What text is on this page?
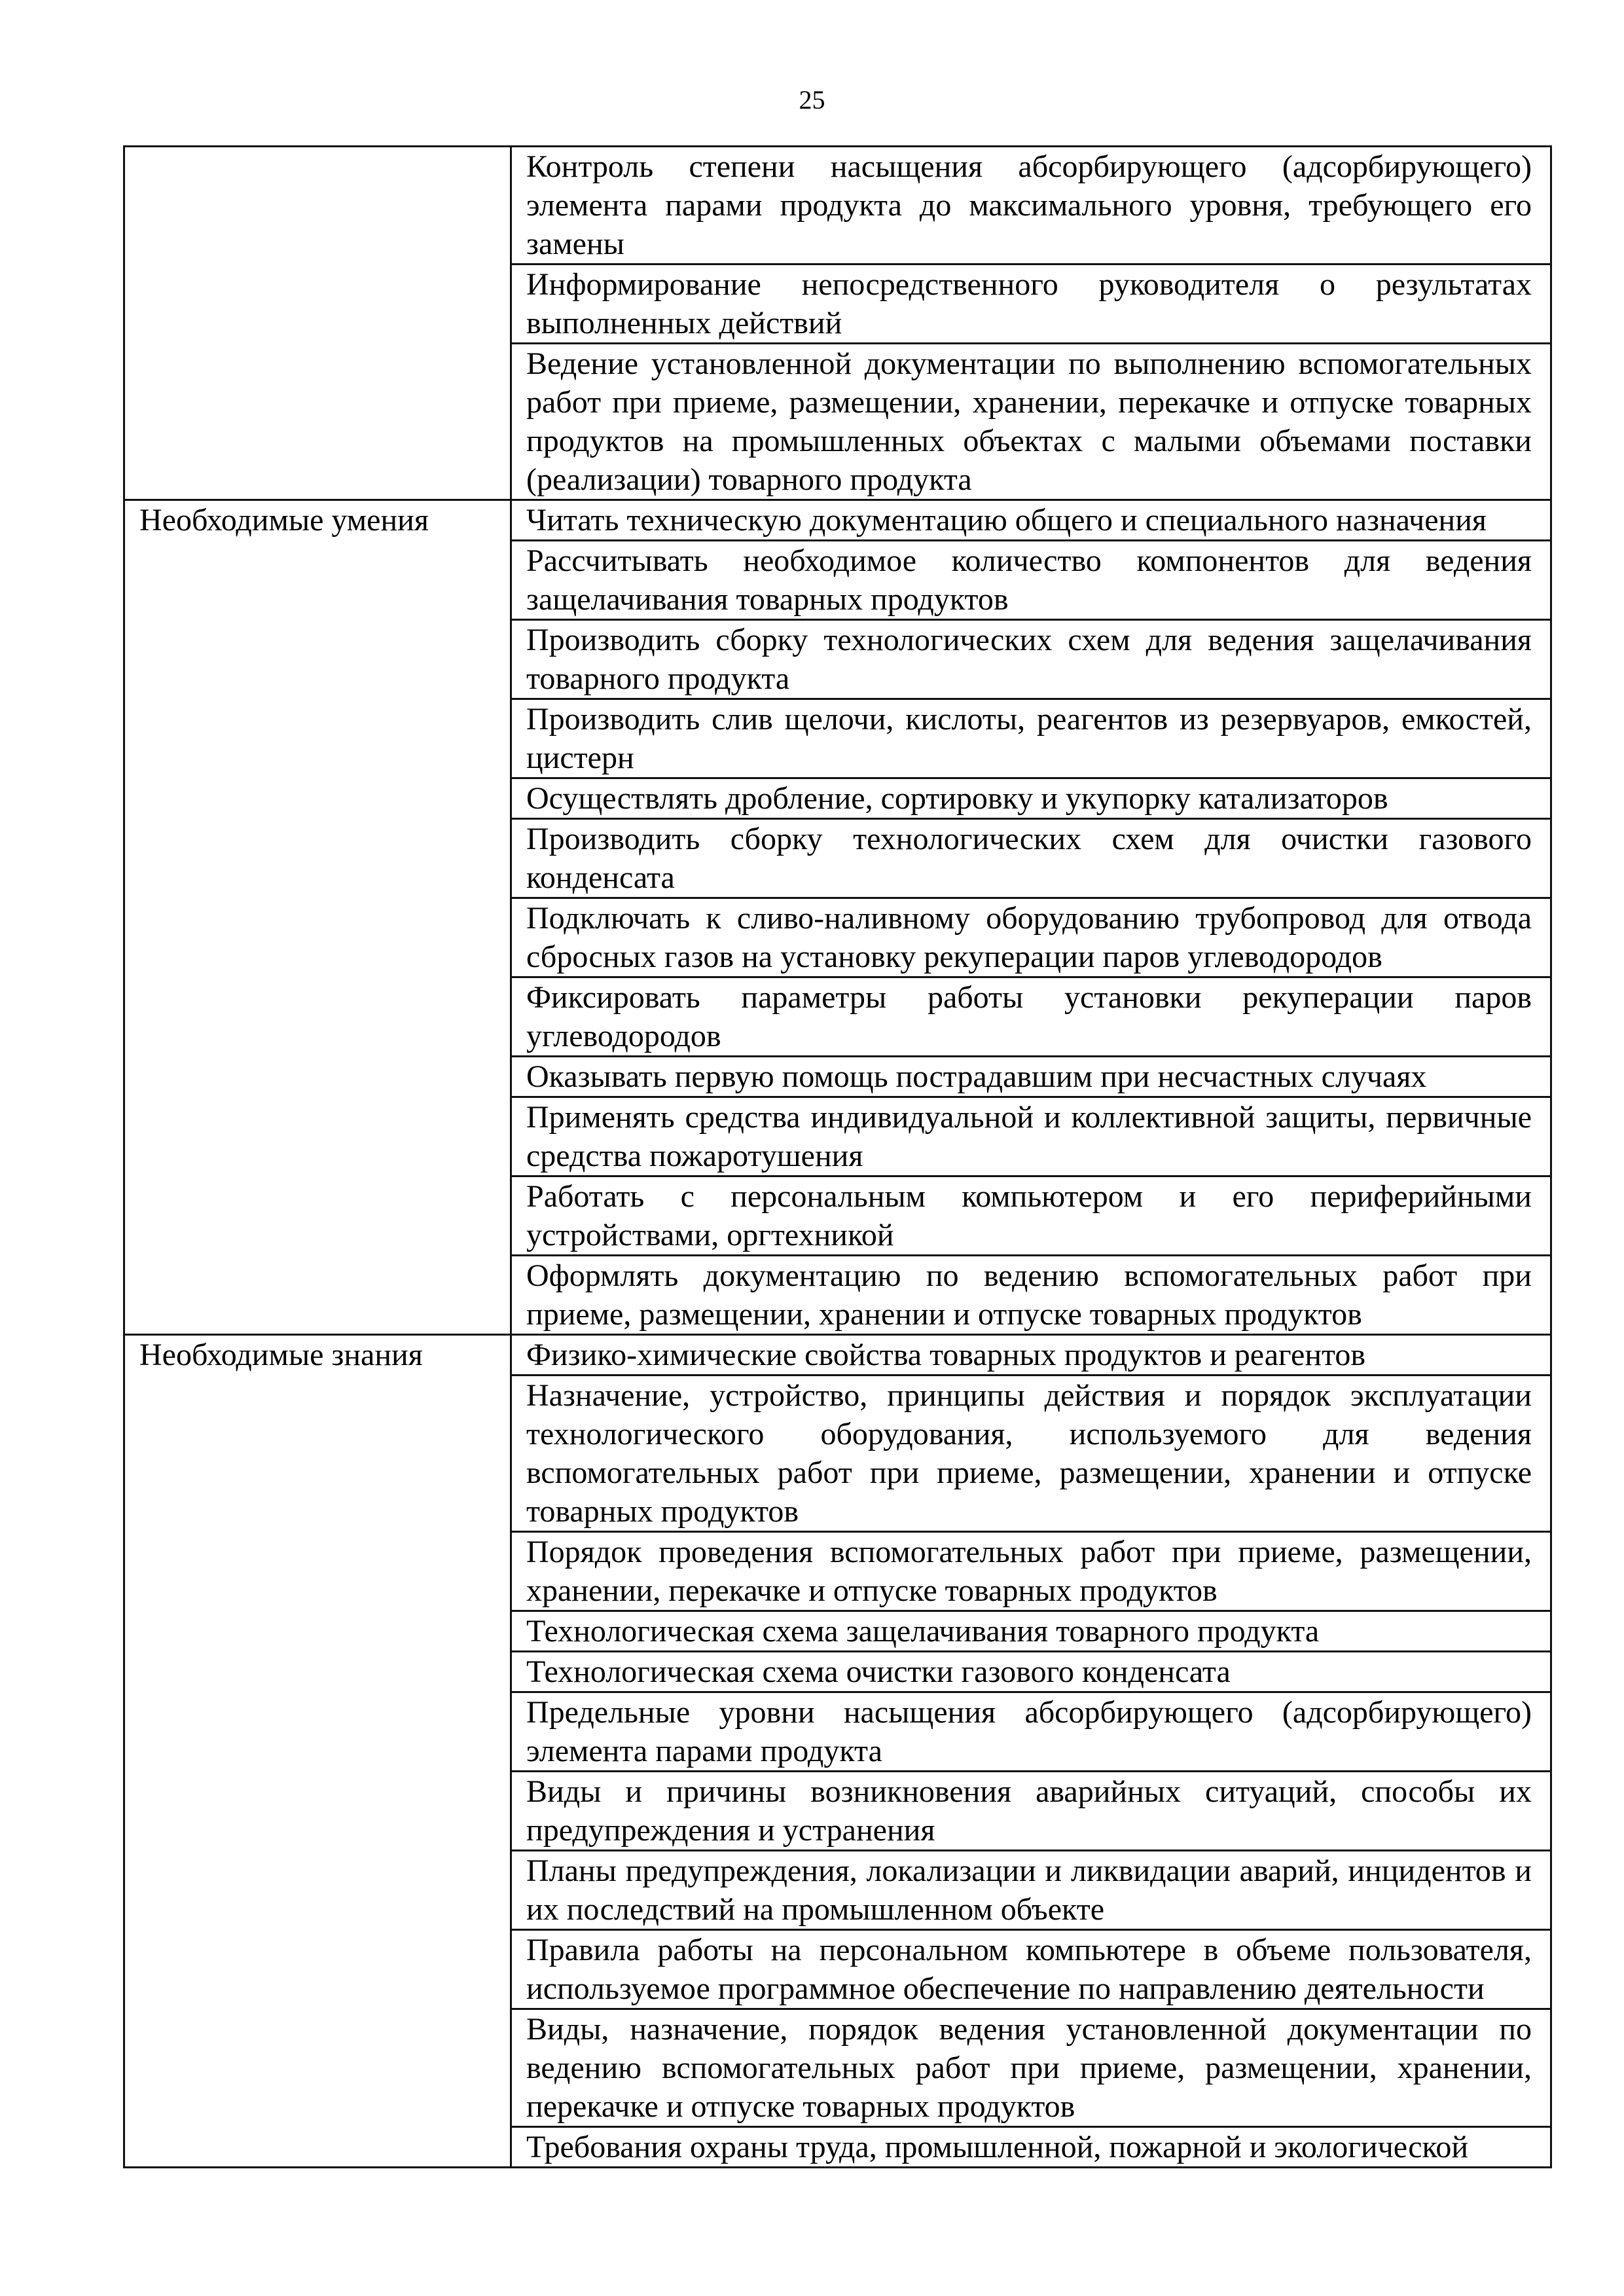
25
	Контроль степени насыщения абсорбирующего (адсорбирующего) элемента парами продукта до максимального уровня, требующего его замены
	Информирование непосредственного руководителя о результатах выполненных действий
	Ведение установленной документации по выполнению вспомогательных работ при приеме, размещении, хранении, перекачке и отпуске товарных продуктов на промышленных объектах с малыми объемами поставки (реализации) товарного продукта
Необходимые умения	Читать техническую документацию общего и специального назначения
	Рассчитывать необходимое количество компонентов для ведения защелачивания товарных продуктов
	Производить сборку технологических схем для ведения защелачивания товарного продукта
	Производить слив щелочи, кислоты, реагентов из резервуаров, емкостей, цистерн
	Осуществлять дробление, сортировку и укупорку катализаторов
	Производить сборку технологических схем для очистки газового конденсата
	Подключать к сливо-наливному оборудованию трубопровод для отвода сбросных газов на установку рекуперации паров углеводородов
	Фиксировать параметры работы установки рекуперации паров углеводородов
	Оказывать первую помощь пострадавшим при несчастных случаях
	Применять средства индивидуальной и коллективной защиты, первичные средства пожаротушения
	Работать с персональным компьютером и его периферийными устройствами, оргтехникой
	Оформлять документацию по ведению вспомогательных работ при приеме, размещении, хранении и отпуске товарных продуктов
Необходимые знания	Физико-химические свойства товарных продуктов и реагентов
	Назначение, устройство, принципы действия и порядок эксплуатации технологического оборудования, используемого для ведения вспомогательных работ при приеме, размещении, хранении и отпуске товарных продуктов
	Порядок проведения вспомогательных работ при приеме, размещении, хранении, перекачке и отпуске товарных продуктов
	Технологическая схема защелачивания товарного продукта
	Технологическая схема очистки газового конденсата
	Предельные уровни насыщения абсорбирующего (адсорбирующего) элемента парами продукта
	Виды и причины возникновения аварийных ситуаций, способы их предупреждения и устранения
	Планы предупреждения, локализации и ликвидации аварий, инцидентов и их последствий на промышленном объекте
	Правила работы на персональном компьютере в объеме пользователя, используемое программное обеспечение по направлению деятельности
	Виды, назначение, порядок ведения установленной документации по ведению вспомогательных работ при приеме, размещении, хранении, перекачке и отпуске товарных продуктов
	Требования охраны труда, промышленной, пожарной и экологической
